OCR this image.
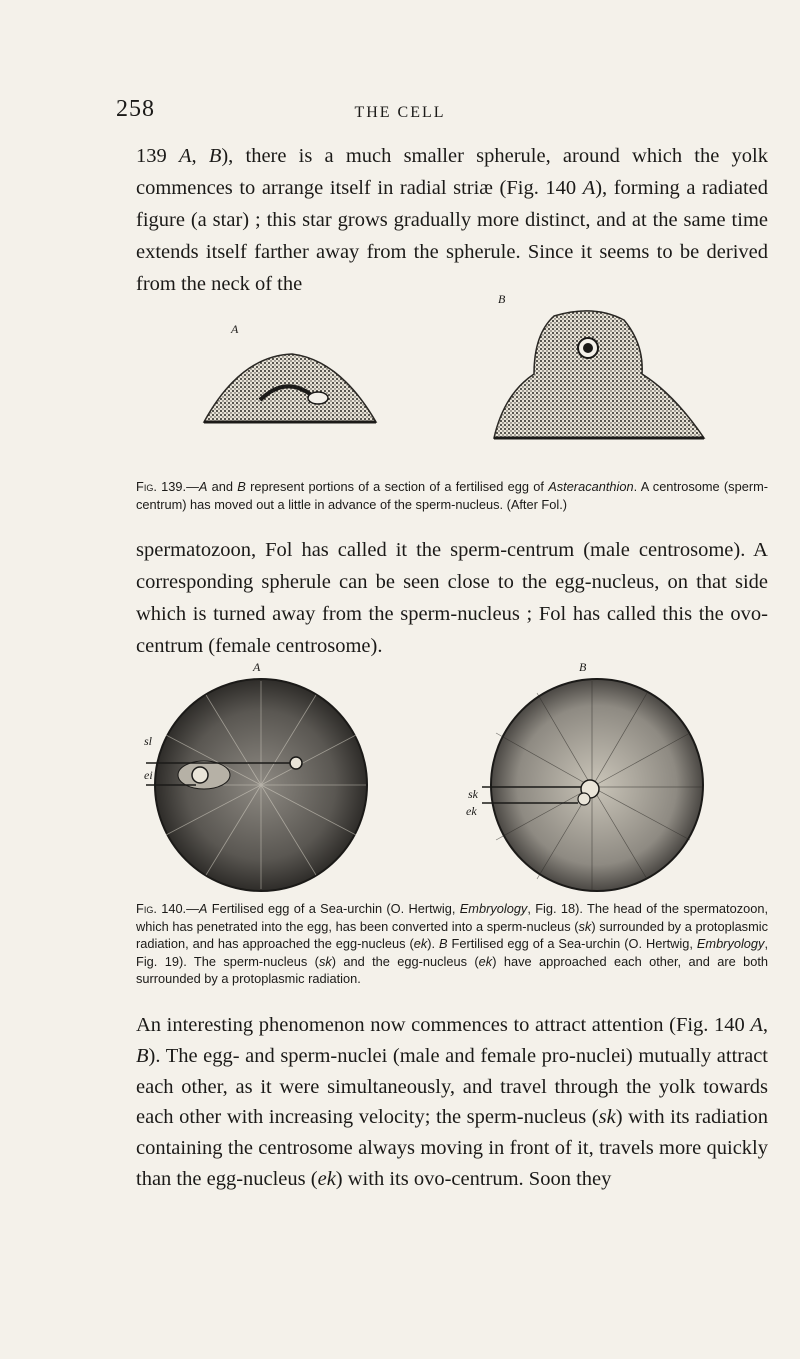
258	THE CELL

139 A, B), there is a much smaller spherule, around which the yolk commences to arrange itself in radial striæ (Fig. 140 A), forming a radiated figure (a star) ; this star grows gradually more distinct, and at the same time extends itself farther away from the spherule. Since it seems to be derived from the neck of the

A
B

Fig. 139.—A and B represent portions of a section of a fertilised egg of Asteracanthion. A centrosome (sperm-centrum) has moved out a little in advance of the sperm-nucleus. (After Fol.)

spermatozoon, Fol has called it the sperm-centrum (male centrosome). A corresponding spherule can be seen close to the egg-nucleus, on that side which is turned away from the sperm-nucleus ; Fol has called this the ovo-centrum (female centrosome).

A	B
sl
ei
sk
ek

Fig. 140.—A Fertilised egg of a Sea-urchin (O. Hertwig, Embryology, Fig. 18). The head of the spermatozoon, which has penetrated into the egg, has been converted into a sperm-nucleus (sk) surrounded by a protoplasmic radiation, and has approached the egg-nucleus (ek). B Fertilised egg of a Sea-urchin (O. Hertwig, Embryology, Fig. 19). The sperm-nucleus (sk) and the egg-nucleus (ek) have approached each other, and are both surrounded by a protoplasmic radiation.

An interesting phenomenon now commences to attract attention (Fig. 140 A, B). The egg- and sperm-nuclei (male and female pro-nuclei) mutually attract each other, as it were simultaneously, and travel through the yolk towards each other with increasing velocity; the sperm-nucleus (sk) with its radiation containing the centrosome always moving in front of it, travels more quickly than the egg-nucleus (ek) with its ovo-centrum. Soon they
